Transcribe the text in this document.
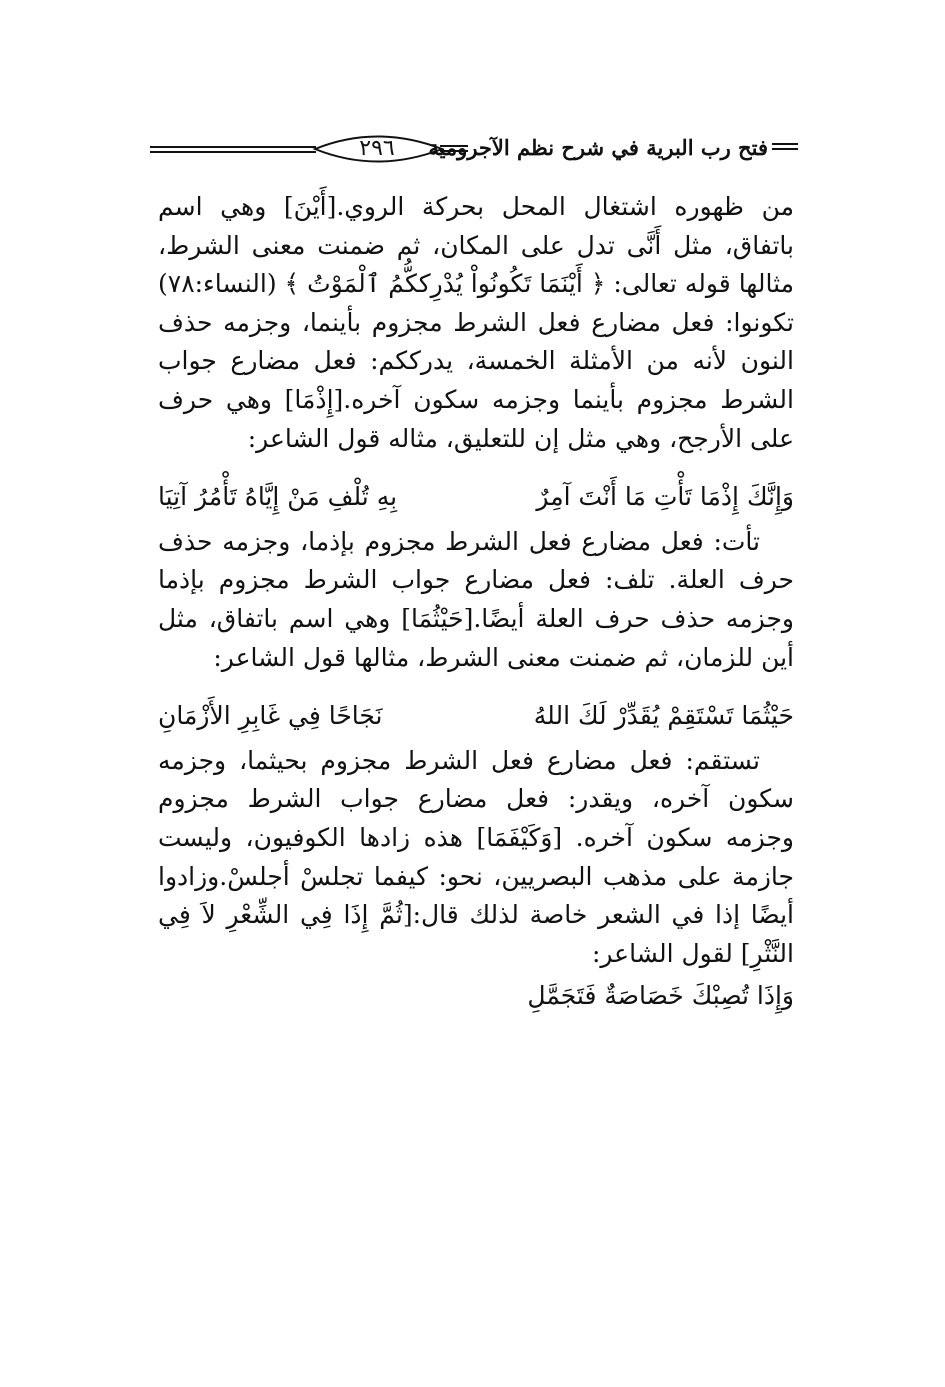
٢٩٦	فتح رب البرية في شرح نظم الآجرومية

من ظهوره اشتغال المحل بحركة الروي.[أَيْنَ] وهي اسم باتفاق، مثل أَنَّى تدل على المكان، ثم ضمنت معنى الشرط، مثالها قوله تعالى: ﴿ أَيْنَمَا تَكُونُواْ يُدْرِككُّمُ ٱلْمَوْتُ ﴾ (النساء:٧٨) تكونوا: فعل مضارع فعل الشرط مجزوم بأينما، وجزمه حذف النون لأنه من الأمثلة الخمسة، يدرككم: فعل مضارع جواب الشرط مجزوم بأينما وجزمه سكون آخره.[إِذْمَا] وهي حرف على الأرجح، وهي مثل إن للتعليق، مثاله قول الشاعر:

وَإِنَّكَ إِذْمَا تَأْتِ مَا أَنْتَ آمِرٌ
بِهِ تُلْفِ مَنْ إِيَّاهُ تَأْمُرُ آتِيَا

تأت: فعل مضارع فعل الشرط مجزوم بإذما، وجزمه حذف حرف العلة. تلف: فعل مضارع جواب الشرط مجزوم بإذما وجزمه حذف حرف العلة أيضًا.[حَيْثُمَا] وهي اسم باتفاق، مثل أين للزمان، ثم ضمنت معنى الشرط، مثالها قول الشاعر:

حَيْثُمَا تَسْتَقِمْ يُقَدِّرْ لَكَ اللهُ
نَجَاحًا فِي غَابِرِ الأَزْمَانِ

تستقم: فعل مضارع فعل الشرط مجزوم بحيثما، وجزمه سكون آخره، ويقدر: فعل مضارع جواب الشرط مجزوم وجزمه سكون آخره. [وَكَيْفَمَا] هذه زادها الكوفيون، وليست جازمة على مذهب البصريين، نحو: كيفما تجلسْ أجلسْ.وزادوا أيضًا إذا في الشعر خاصة لذلك قال:[ثُمَّ إِذَا فِي الشِّعْرِ لاَ فِي النَّثْرِ] لقول الشاعر:

وَإِذَا تُصِبْكَ خَصَاصَةٌ فَتَجَمَّلِ
